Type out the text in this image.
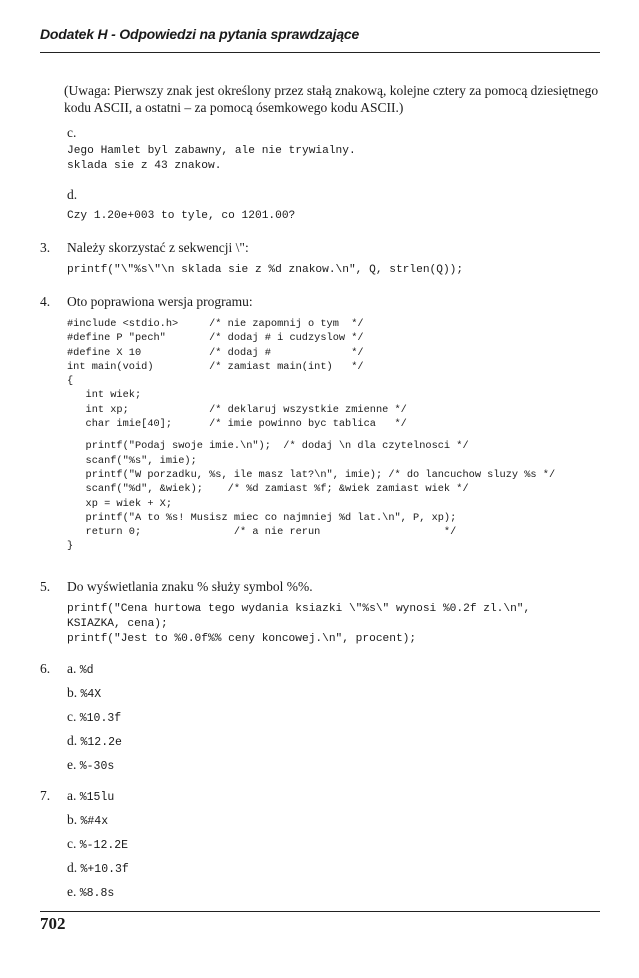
Dodatek H - Odpowiedzi na pytania sprawdzające
(Uwaga: Pierwszy znak jest określony przez stałą znakową, kolejne cztery za pomocą dziesiętnego kodu ASCII, a ostatni – za pomocą ósemkowego kodu ASCII.)
c.
Jego Hamlet byl zabawny, ale nie trywialny.
sklada sie z 43 znakow.
d.
Czy 1.20e+003 to tyle, co 1201.00?
3. Należy skorzystać z sekwencji \":
printf("\"%s\"\n sklada sie z %d znakow.\n", Q, strlen(Q));
4. Oto poprawiona wersja programu:
#include <stdio.h>     /* nie zapomnij o tym  */
#define P "pech"       /* dodaj # i cudzyslow */
#define X 10           /* dodaj #             */
int main(void)         /* zamiast main(int)   */
{
int wiek;
int xp;             /* deklaruj wszystkie zmienne */
char imie[40];      /* imie powinno byc tablica   */
printf("Podaj swoje imie.\n");  /* dodaj \n dla czytelnosci */
scanf("%s", imie);
printf("W porzadku, %s, ile masz lat?\n", imie); /* do lancuchow sluzy %s */
scanf("%d", &wiek);    /* %d zamiast %f; &wiek zamiast wiek */
xp = wiek + X;
printf("A to %s! Musisz miec co najmniej %d lat.\n", P, xp);
return 0;               /* a nie rerun                    */
}
5. Do wyświetlania znaku % służy symbol %%.
printf("Cena hurtowa tego wydania ksiazki \"%s\" wynosi %0.2f zl.\n",
KSIAZKA, cena);
printf("Jest to %0.0f%% ceny koncowej.\n", procent);
6. a. %d
b. %4X
c. %10.3f
d. %12.2e
e. %-30s
7. a. %15lu
b. %#4x
c. %-12.2E
d. %+10.3f
e. %8.8s
702
